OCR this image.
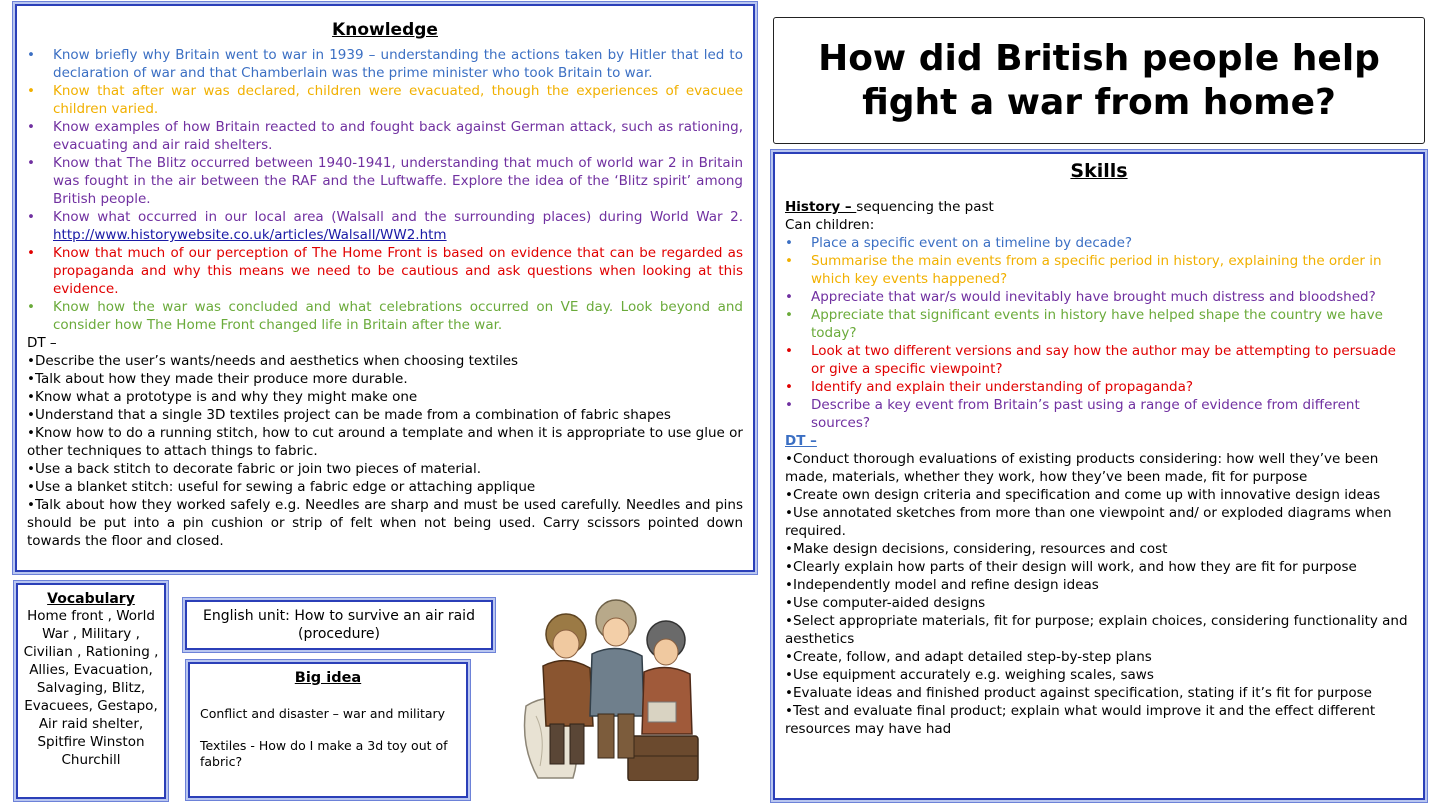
Knowledge

• Know briefly why Britain went to war in 1939 – understanding the actions taken by Hitler that led to declaration of war and that Chamberlain was the prime minister who took Britain to war.
• Know that after war was declared, children were evacuated, though the experiences of evacuee children varied.
• Know examples of how Britain reacted to and fought back against German attack, such as rationing, evacuating and air raid shelters.
• Know that The Blitz occurred between 1940-1941, understanding that much of world war 2 in Britain was fought in the air between the RAF and the Luftwaffe. Explore the idea of the ‘Blitz spirit’ among British people.
• Know what occurred in our local area (Walsall and the surrounding places) during World War 2. http://www.historywebsite.co.uk/articles/Walsall/WW2.htm
• Know that much of our perception of The Home Front is based on evidence that can be regarded as propaganda and why this means we need to be cautious and ask questions when looking at this evidence.
• Know how the war was concluded and what celebrations occurred on VE day. Look beyond and consider how The Home Front changed life in Britain after the war.

DT –

•Describe the user’s wants/needs and aesthetics when choosing textiles

•Talk about how they made their produce more durable.

•Know what a prototype is and why they might make one

•Understand that a single 3D textiles project can be made from a combination of fabric shapes

•Know how to do a running stitch, how to cut around a template and when it is appropriate to use glue or other techniques to attach things to fabric.

•Use a back stitch to decorate fabric or join two pieces of material.

•Use a blanket stitch: useful for sewing a fabric edge or attaching applique

•Talk about how they worked safely e.g. Needles are sharp and must be used carefully. Needles and pins should be put into a pin cushion or strip of felt when not being used. Carry scissors pointed down towards the floor and closed.

How did British people help fight a war from home?

Skills

History – sequencing the past

Can children:

• Place a specific event on a timeline by decade?
• Summarise the main events from a specific period in history, explaining the order in which key events happened?
• Appreciate that war/s would inevitably have brought much distress and bloodshed?
• Appreciate that significant events in history have helped shape the country we have today?
• Look at two different versions and say how the author may be attempting to persuade or give a specific viewpoint?
• Identify and explain their understanding of propaganda?
• Describe a key event from Britain’s past using a range of evidence from different sources?

DT –

•Conduct thorough evaluations of existing products considering: how well they’ve been made, materials, whether they work, how they’ve been made, fit for purpose

•Create own design criteria and specification and come up with innovative design ideas

•Use annotated sketches from more than one viewpoint and/ or exploded diagrams when required.

•Make design decisions, considering, resources and cost

•Clearly explain how parts of their design will work, and how they are fit for purpose

•Independently model and refine design ideas

•Use computer-aided designs

•Select appropriate materials, fit for purpose; explain choices, considering functionality and aesthetics

•Create, follow, and adapt detailed step-by-step plans

•Use equipment accurately e.g. weighing scales, saws

•Evaluate ideas and finished product against specification, stating if it’s fit for purpose

•Test and evaluate final product; explain what would improve it and the effect different resources may have had

Vocabulary

Home front , World War , Military , Civilian , Rationing , Allies, Evacuation, Salvaging, Blitz, Evacuees, Gestapo, Air raid shelter, Spitfire Winston Churchill
English unit: How to survive an air raid (procedure)

Big idea

Conflict and disaster – war and military

Textiles - How do I make a 3d toy out of fabric?
